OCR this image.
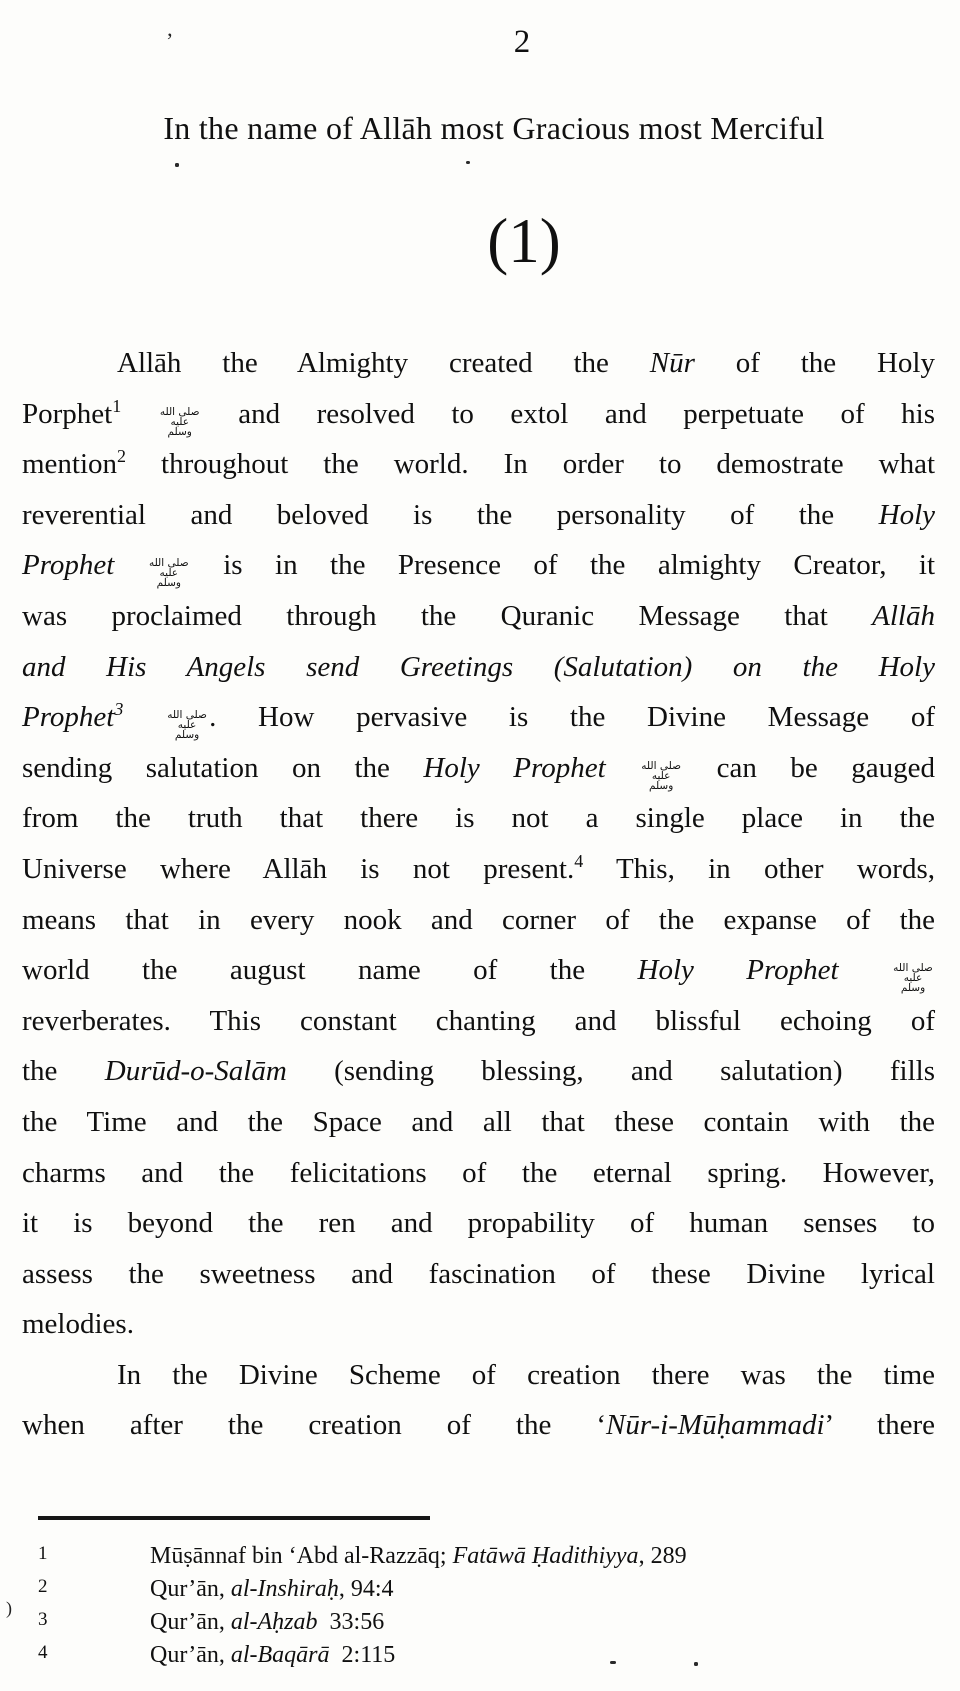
’	2
In the name of Allāh most Gracious most Merciful
(1)
Allāh the Almighty created the Nūr of the Holy
Porphet$^1$	صلى الله
عليه وسلم
and resolved to extol and perpetuate of his
mention$^2$ throughout the world. In order to demostrate what
reverential and beloved is the personality of the Holy
Prophet صلى الله
عليه وسلم
is in the Presence of the almighty Creator, it
was proclaimed through the Quranic Message that Allāh
and His Angels send Greetings (Salutation) on the Holy
Prophet$^3$	صلى الله
عليه وسلم
. How pervasive is the Divine Message of
sending salutation on the Holy Prophet صلى الله
عليه وسلم
can be gauged
from the truth that there is not a single place in the
Universe where Allāh is not present.$^4$ This, in other words,
means that in every nook and corner of the expanse of the
world the august name of the Holy Prophet صلى الله
عليه وسلم
reverberates. This constant chanting and blissful echoing of
the Durūd-o-Salām (sending blessing, and salutation) fills
the Time and the Space and all that these contain with the
charms and the felicitations of the eternal spring. However,
it is beyond the ren and propability of human senses to
assess the sweetness and fascination of these Divine lyrical
melodies.
In the Divine Scheme of creation there was the time
when after the creation of the ‘Nūr-i-Mūḥammadi’ there
)
1	Mūṣānnaf bin ‘Abd al-Razzāq; Fatāwā Ḥadithiyya, 289
2	Qur’ān, al-Inshiraḥ, 94:4
3	Qur’ān, al-Aḥzab  33:56
4	Qur’ān, al-Baqārā  2:115
